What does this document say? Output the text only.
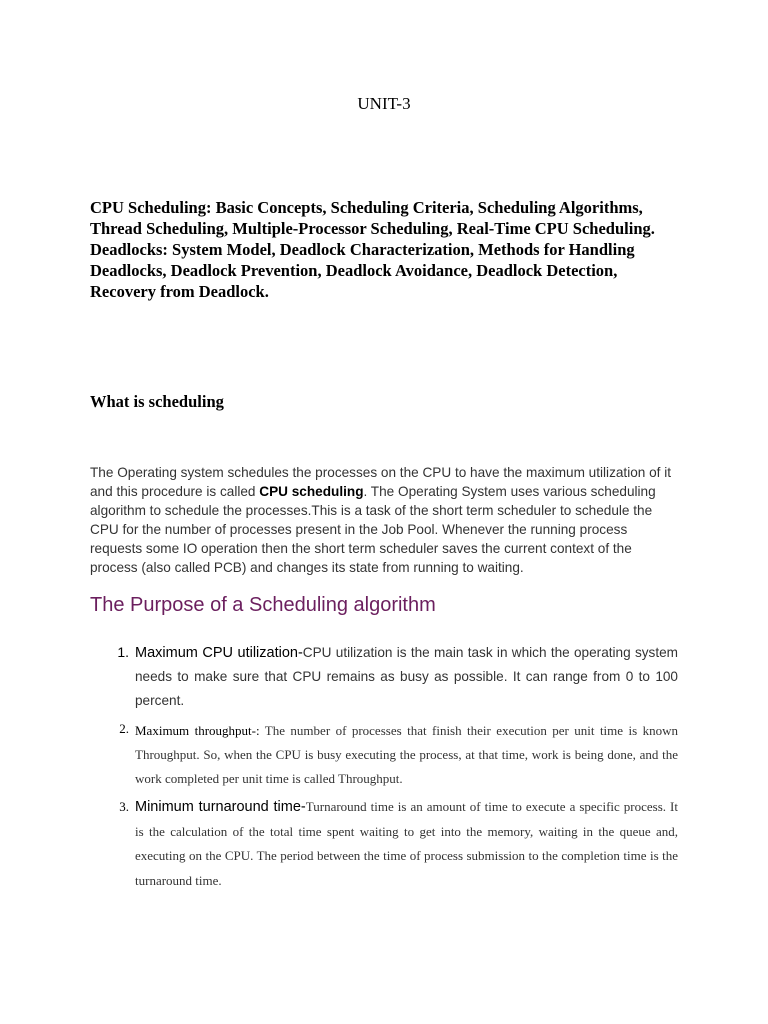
UNIT-3
CPU Scheduling: Basic Concepts, Scheduling Criteria, Scheduling Algorithms, Thread Scheduling, Multiple-Processor Scheduling, Real-Time CPU Scheduling. Deadlocks: System Model, Deadlock Characterization, Methods for Handling Deadlocks, Deadlock Prevention, Deadlock Avoidance, Deadlock Detection, Recovery from Deadlock.
What is scheduling
The Operating system schedules the processes on the CPU to have the maximum utilization of it and this procedure is called CPU scheduling. The Operating System uses various scheduling algorithm to schedule the processes.This is a task of the short term scheduler to schedule the CPU for the number of processes present in the Job Pool. Whenever the running process requests some IO operation then the short term scheduler saves the current context of the process (also called PCB) and changes its state from running to waiting.
The Purpose of a Scheduling algorithm
1. Maximum CPU utilization-CPU utilization is the main task in which the operating system needs to make sure that CPU remains as busy as possible. It can range from 0 to 100 percent.
2. Maximum throughput-: The number of processes that finish their execution per unit time is known Throughput. So, when the CPU is busy executing the process, at that time, work is being done, and the work completed per unit time is called Throughput.
3. Minimum turnaround time-Turnaround time is an amount of time to execute a specific process. It is the calculation of the total time spent waiting to get into the memory, waiting in the queue and, executing on the CPU. The period between the time of process submission to the completion time is the turnaround time.
